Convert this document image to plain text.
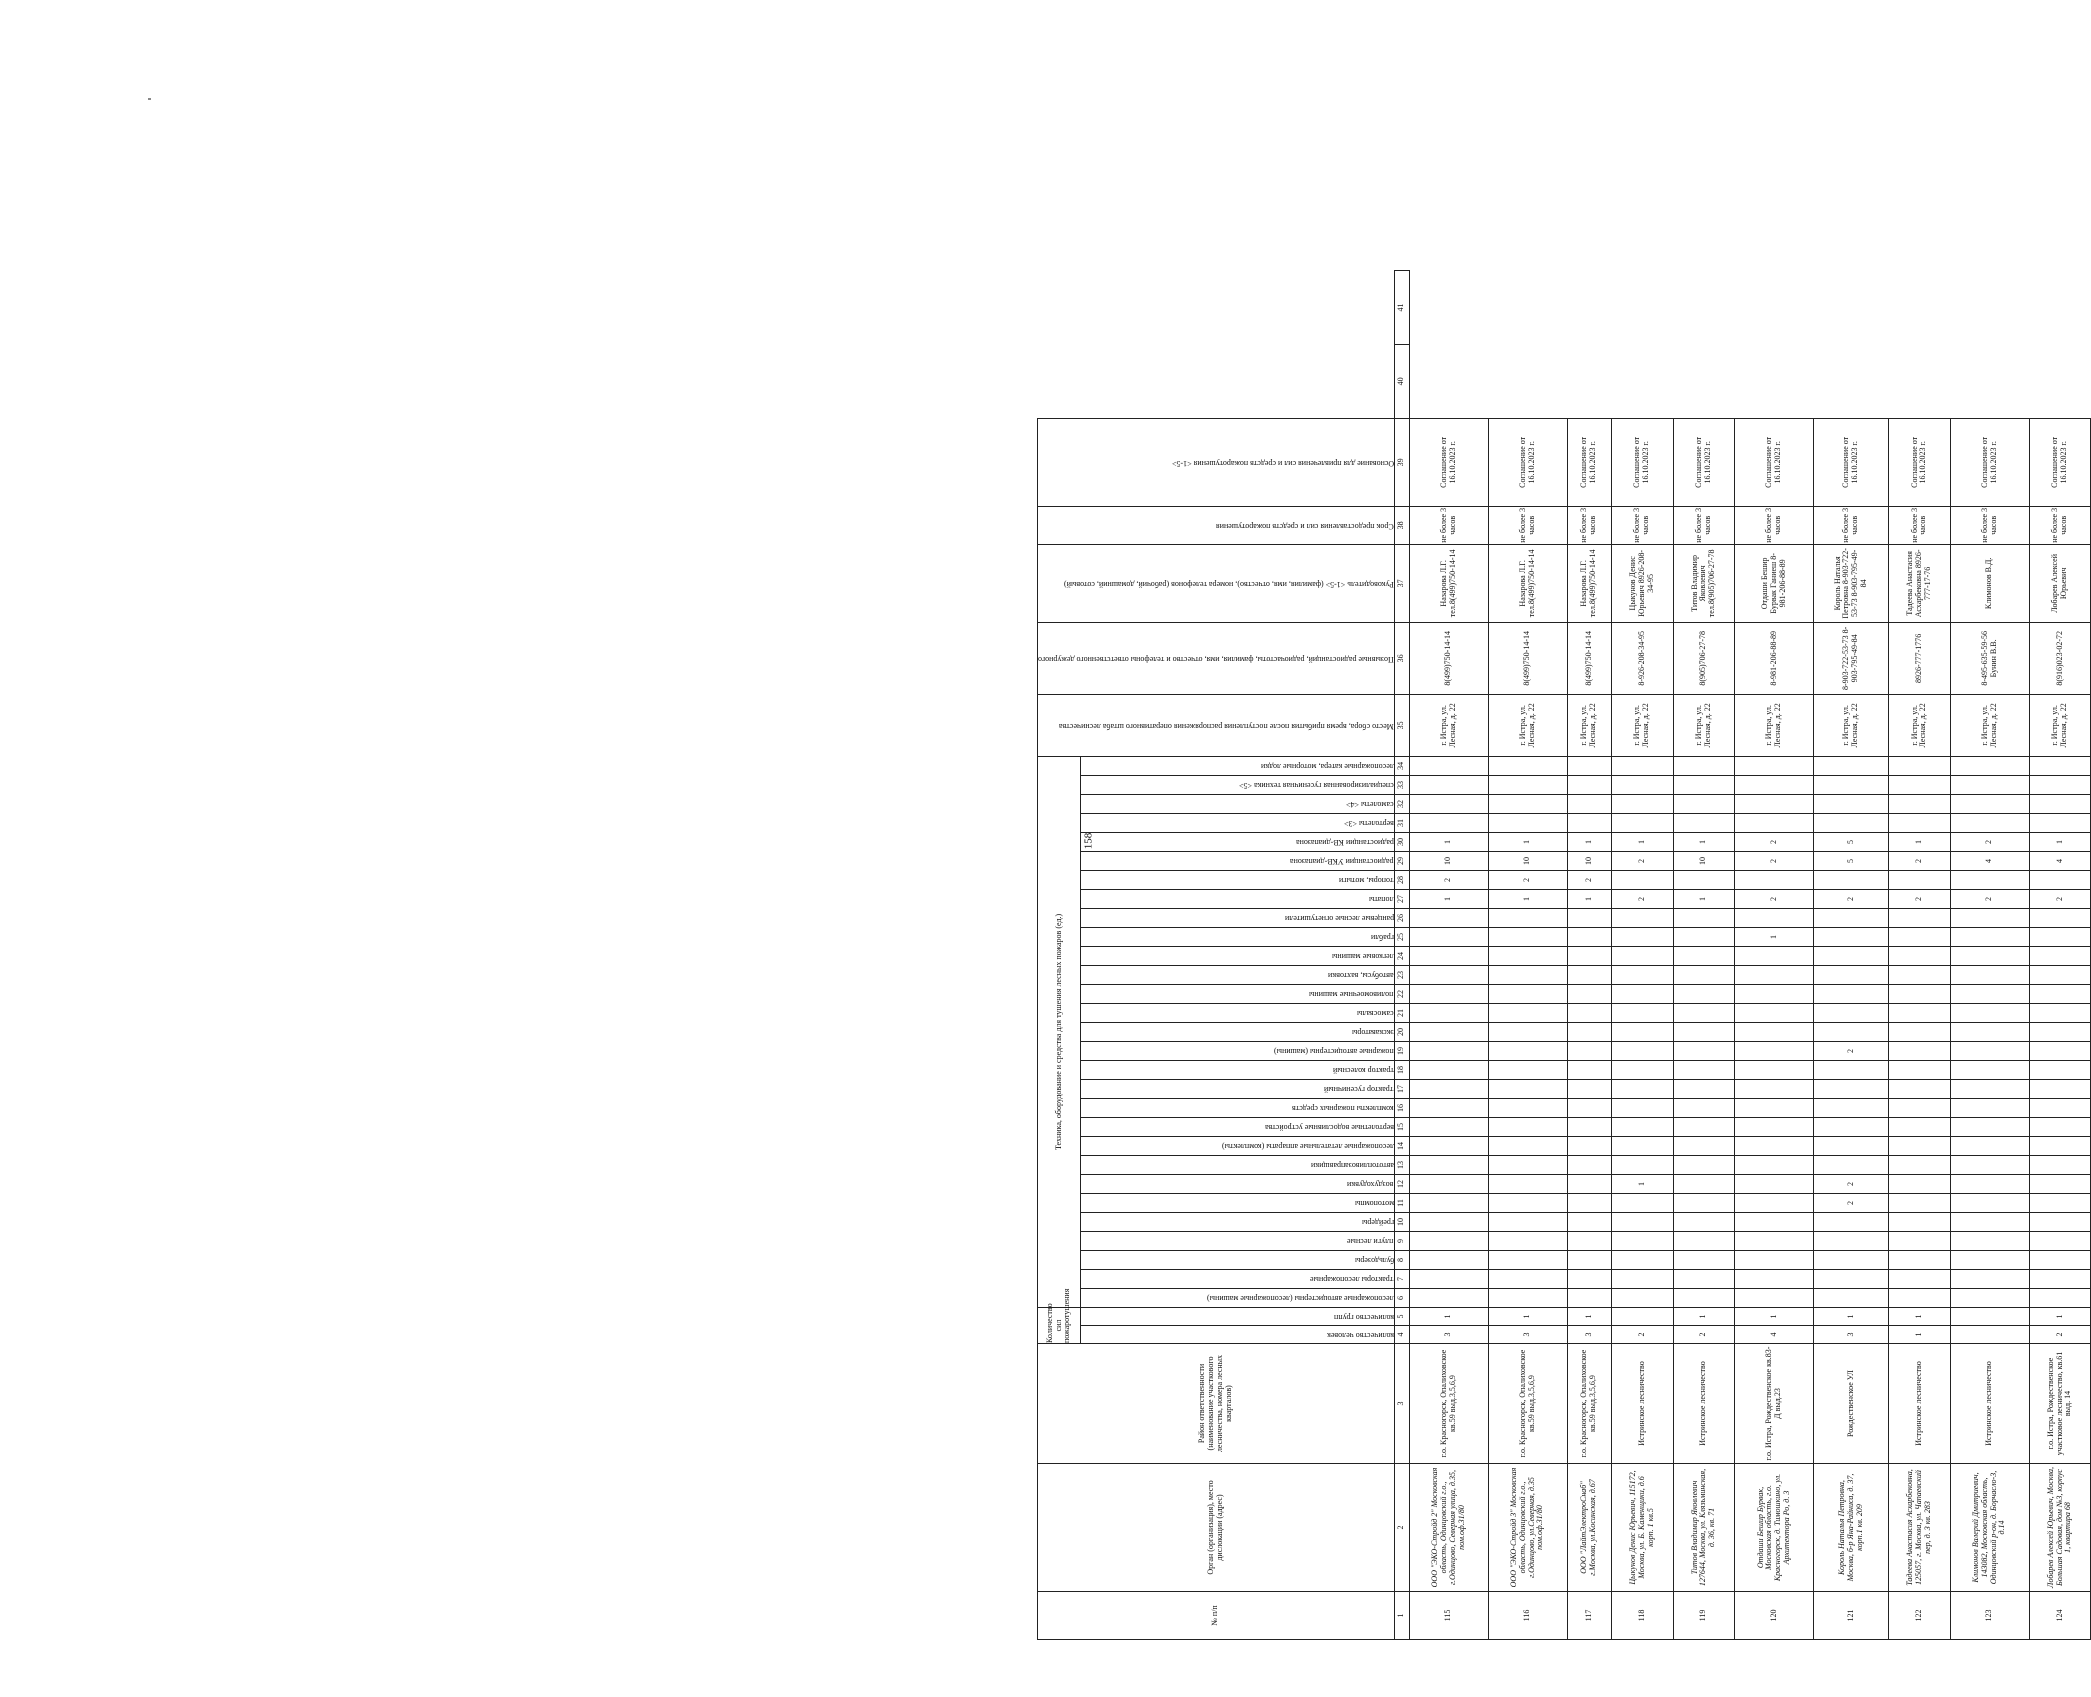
№ п/п	Орган (организация), место дислокации (адрес)	Район ответственности (наименование участкового лесничества, номера лесных кварталов)	Количество сил пожаротушения		Техника, оборудование и средства для тушения лесных пожаров (ед.)																													Место сбора, время прибытия после поступления распоряжения оперативного штаба лесничества	Позывные радиостанций, радиочастоты, фамилия, имя, отчество и телефоны ответственного дежурного	Руководитель <1-5> (фамилия, имя, отчество), номера телефонов (рабочий, домашний, сотовый)	Срок предоставления сил и средств пожаротушения	Основание для привлечения сил и средств пожаротушения <1-5>		

			количество человек	количество групп	лесопожарные автоцистерны (лесопожарные машины)	тракторы лесопожарные	бульдозеры	плуги лесные	грейдеры	мотопомпы	воздуходувки	автотопливозаправщики	лесопожарные летательные аппараты (комплекты)	вертолетные водосливные устройства	комплекты пожарных средств	трактор гусеничный	трактор колесный	пожарные автоцистерны (машины)	экскаваторы	самосвалы	поливомоечные машины	автобусы, вахтовки	легковые машины	грабли	ранцевые лесные огнетушители	лопаты	топоры, мотыги	радиостанции УКВ-диапазона	радиостанции КВ-диапазона	вертолеты <3>	самолеты <4>	специализированная гусеничная техника <5>	лесопожарные катера, моторные лодки							

1	2	3	4	5	6	7	8	9	10	11	12	13	14	15	16	17	18	19	20	21	22	23	24	25	26	27	28	29	30	31	32	33	34	35	36	37	38	39	40	41
115	ООО "ЭКО-Стройд 2" Московская область, Одинцовский г.о., г.Одинцово, Северная улица, д.35, пом.оф.31/80	г.о. Красногорск, Опалиховское кв.59 выд.3,5,6,9	3	1																						1	2	10	1					г. Истра, ул. Лесная, д. 22	8(499)750-14-14	Назарова Л.Г. тел.8(499)750-14-14	не более 3 часов	Соглашение от 16.10.2023 г.		
116	ООО "ЭКО-Стройд 3" Московская область, Одинцовский г.о., г.Одинцово, ул.Северная, д.35 пом.оф.31/80	г.о. Красногорск, Опалиховское кв.59 выд.3,5,6,9	3	1																						1	2	10	1					г. Истра, ул. Лесная, д. 22	8(499)750-14-14	Назарова Л.Г. тел.8(499)750-14-14	не более 3 часов	Соглашение от 16.10.2023 г.		
117	ООО "ЛайтЭлектроСнаб" г.Москва, ул.Косинская, д.67	г.о. Красногорск, Опалиховское кв.59 выд.3,5,6,9	3	1																						1	2	10	1					г. Истра, ул. Лесная, д. 22	8(499)750-14-14	Назарова Л.Г. тел.8(499)750-14-14	не более 3 часов	Соглашение от 16.10.2023 г.		
118	Цыкунов Денис Юрьевич, 115172, Москва, ул. Б. Каменщики, д.6 корп. 1 кв.5	Истринское лесничество	2								1															2		2	1					г. Истра, ул. Лесная, д. 22	8-926-208-34-95	Цыкунов Денис Юрьевич 8926-208-34-95	не более 3 часов	Соглашение от 16.10.2023 г.		
119	Титов Владимир Яковлевич 127644, Москва, ул. Клязьминская, д. 36, кв. 71	Истринское лесничество	2	1																						1		10	1					г. Истра, ул. Лесная, д. 22	8(905)706-27-78	Титов Владимир Яковлевич тел.8(905)706-27-78	не более 3 часов	Соглашение от 16.10.2023 г.		
120	Отдаши Бешир Бурвак, Московская область, г.о. Красногорск, д. Тимошкино, ул. Архитектора Ро, д. 3	г.о. Истра, Рождественское кв.83-Д выд.23	4	1																				1		2		2	2					г. Истра, ул. Лесная, д. 22	8-981-206-88-89	Отдаши Бешир Бурвак Ганиеш 8-981-206-88-89	не более 3 часов	Соглашение от 16.10.2023 г.		
121	Король Наталья Петровна, Москва, б-р Яна-Райниса, д. 37, корп.1 кв. 209	Рождественское УЛ	3	1						2	2							2								2		5	5					г. Истра, ул. Лесная, д. 22	8-903-722-53-73 8-903-795-49-84	Король Наталья Петровна 8-903-722-53-73 8-903-795-49-84	не более 3 часов	Соглашение от 16.10.2023 г.		
122	Тадеева Анастасия Асхарбековна, 125057, г. Москва, ул. Чапаевский пер, д. 3 кв. 283	Истринское лесничество	1	1																						2		2	1					г. Истра, ул. Лесная, д. 22	8926-777-1776	Тадеева Анастасия Асхарбековна 8926-777-17-76	не более 3 часов	Соглашение от 16.10.2023 г.		
123	Климонов Валерий Дмитриевич, 143082, Московская область, Одинцовский р-он, д. Борчасло-3, д.14	Истринское лесничество																								2		4	2					г. Истра, ул. Лесная, д. 22	8-495-635-59-56 Бунин В.В.	Климонов В.Д.	не более 3 часов	Соглашение от 16.10.2023 г.		
124	Лобарев Алексей Юрьевич, Москва, Большая Садовая, дом №3, корпус 1, квартира 68	г.о. Истра, Рождественское участковое лесничество, кв.61 выд. 14	2	1																						2		4	1					г. Истра, ул. Лесная, д. 22	8(916)023-02-72	Лобарев Алексей Юрьевич	не более 3 часов	Соглашение от 16.10.2023 г.		
158
